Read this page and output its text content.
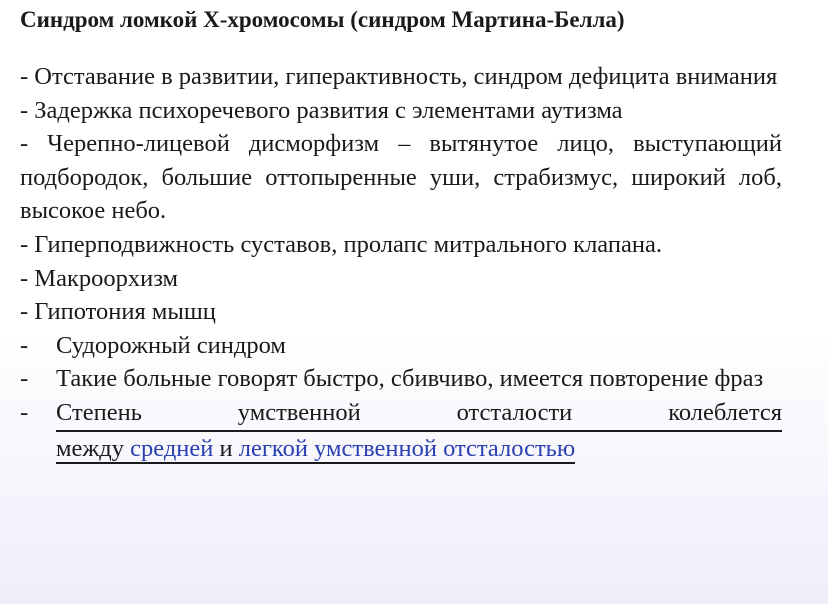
Синдром ломкой Х-хромосомы (синдром Мартина-Белла)

- Отставание в развитии, гиперактивность, синдром дефицита внимания

- Задержка психоречевого развития с элементами аутизма

- Черепно-лицевой дисморфизм – вытянутое лицо, выступающий подбородок, большие оттопыренные уши, страбизмус, широкий лоб, высокое небо.

- Гиперподвижность суставов, пролапс митрального клапана.

- Макроорхизм

- Гипотония мышц

- Судорожный синдром
- Такие больные говорят быстро, сбивчиво, имеется повторение фраз
- Степень умственной отсталости колеблется
между средней и легкой умственной отсталостью
